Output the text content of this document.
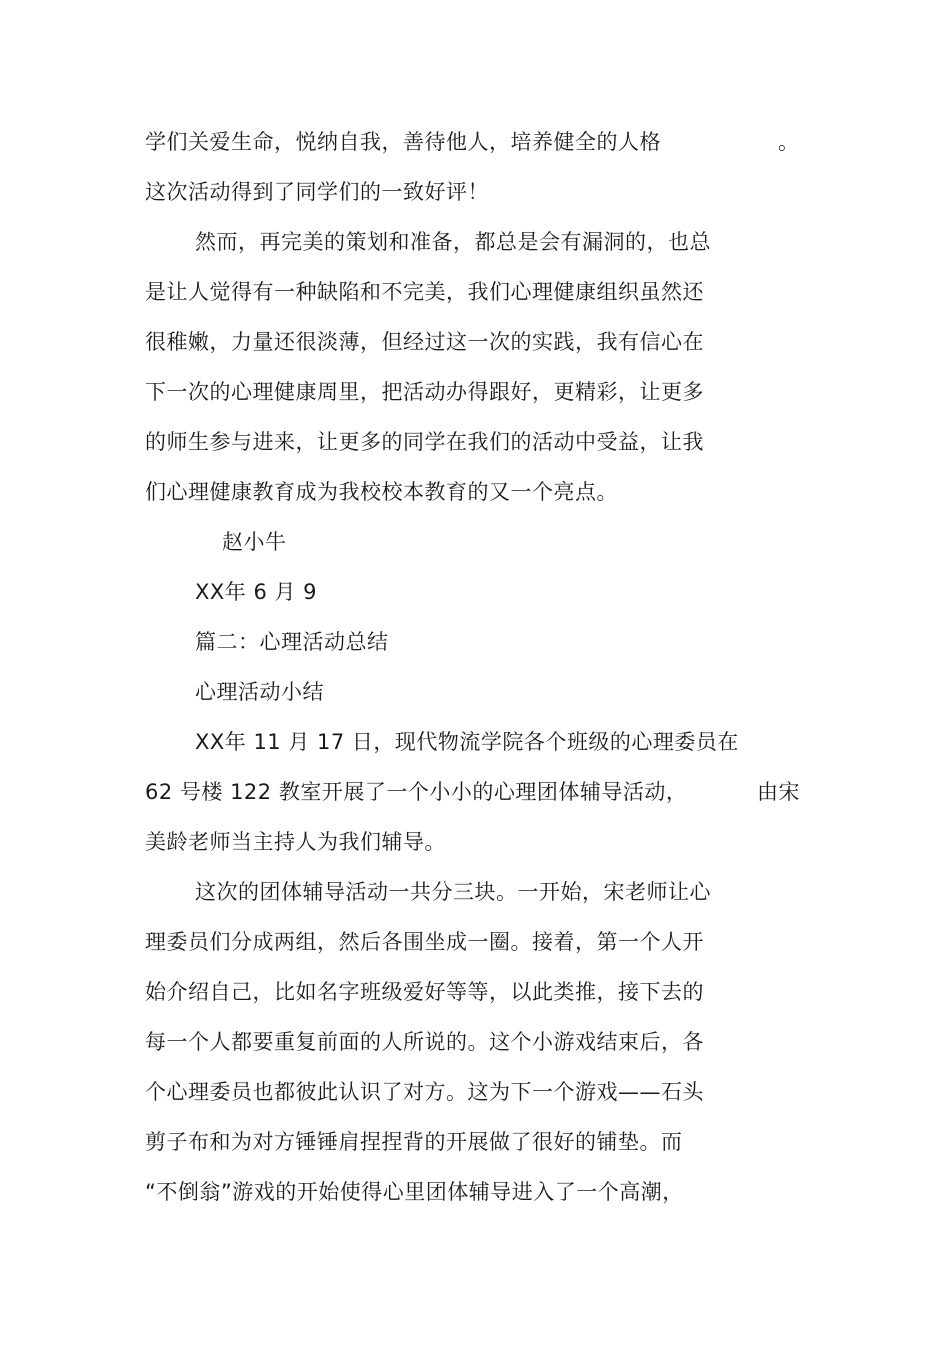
学们关爱生命，悦纳自我，善待他人，培养健全的人格	。
这次活动得到了同学们的一致好评！
然而，再完美的策划和准备，都总是会有漏洞的，也总
是让人觉得有一种缺陷和不完美，我们心理健康组织虽然还
很稚嫩，力量还很淡薄，但经过这一次的实践，我有信心在
下一次的心理健康周里，把活动办得跟好，更精彩，让更多
的师生参与进来，让更多的同学在我们的活动中受益，让我
们心理健康教育成为我校校本教育的又一个亮点。
赵小牛
XX年 6 月 9
篇二：心理活动总结
心理活动小结
XX年 11 月 17 日，现代物流学院各个班级的心理委员在
62 号楼 122 教室开展了一个小小的心理团体辅导活动，	由宋
美龄老师当主持人为我们辅导。
这次的团体辅导活动一共分三块。一开始，宋老师让心
理委员们分成两组，然后各围坐成一圈。接着，第一个人开
始介绍自己，比如名字班级爱好等等，以此类推，接下去的
每一个人都要重复前面的人所说的。这个小游戏结束后，各
个心理委员也都彼此认识了对方。这为下一个游戏——石头
剪子布和为对方锤锤肩捏捏背的开展做了很好的铺垫。而
“不倒翁”游戏的开始使得心里团体辅导进入了一个高潮，
